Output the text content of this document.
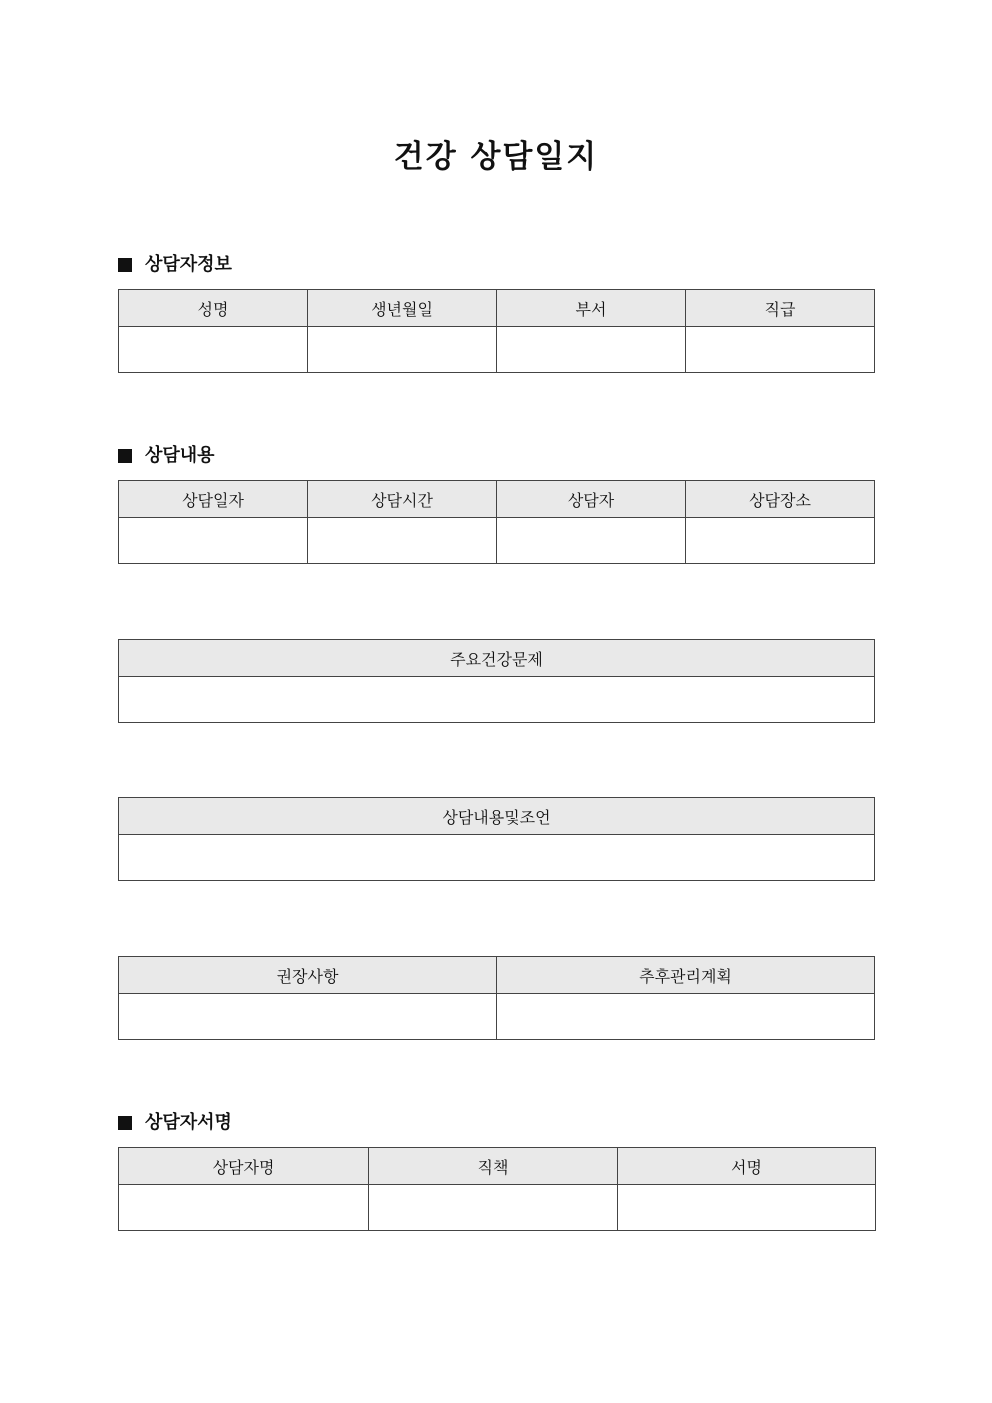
건강 상담일지
상담자정보
성명	생년월일	부서	직급

상담내용
상담일자	상담시간	상담자	상담장소

주요건강문제

상담내용및조언

권장사항	추후관리계획

상담자서명
상담자명	직책	서명
